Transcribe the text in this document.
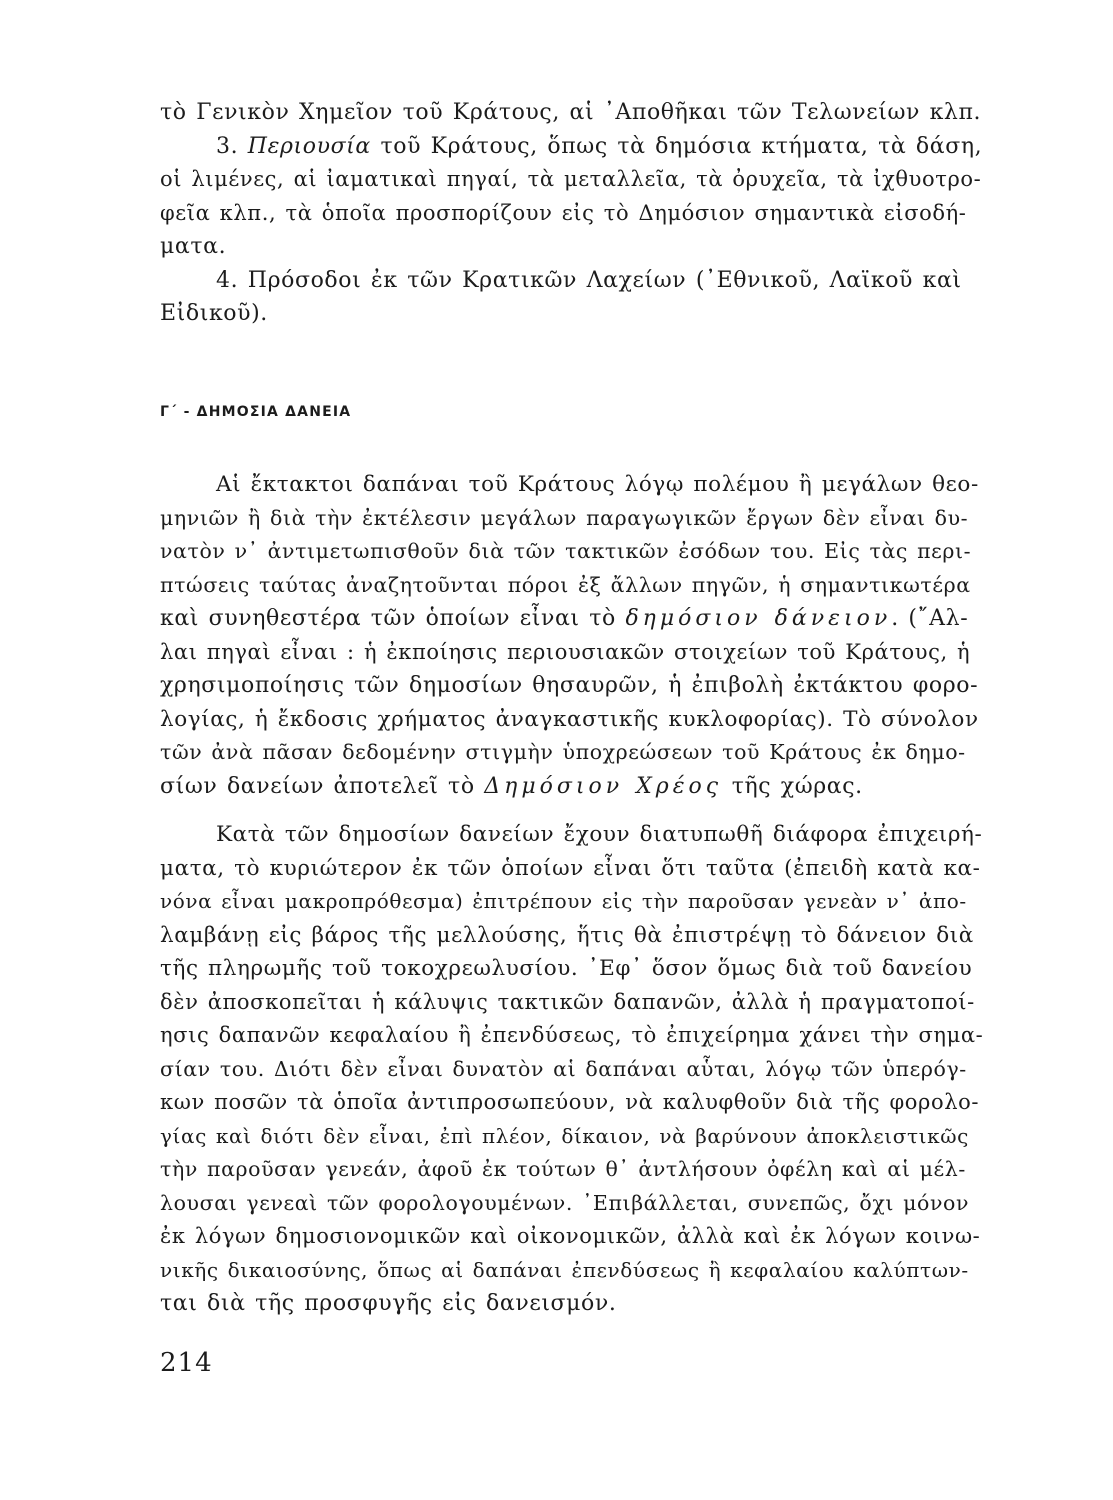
τὸ Γενικὸν Χημεῖον τοῦ Κράτους, αἱ ᾿Αποθῆκαι τῶν Τελωνείων κλπ.
3. Περιουσία τοῦ Κράτους, ὅπως τὰ δημόσια κτήματα, τὰ δάση,
οἱ λιμένες, αἱ ἰαματικαὶ πηγαί, τὰ μεταλλεῖα, τὰ ὀρυχεῖα, τὰ ἰχθυοτρο-
φεῖα κλπ., τὰ ὁποῖα προσπορίζουν εἰς τὸ Δημόσιον σημαντικὰ εἰσοδή-
ματα.
4. Πρόσοδοι ἐκ τῶν Κρατικῶν Λαχείων (᾿Εθνικοῦ, Λαϊκοῦ καὶ
Εἰδικοῦ).
Γ΄ - ΔΗΜΟΣΙΑ ΔΑΝΕΙΑ
Αἱ ἔκτακτοι δαπάναι τοῦ Κράτους λόγῳ πολέμου ἢ μεγάλων θεο-
μηνιῶν ἢ διὰ τὴν ἐκτέλεσιν μεγάλων παραγωγικῶν ἔργων δὲν εἶναι δυ-
νατὸν ν᾿ ἀντιμετωπισθοῦν διὰ τῶν τακτικῶν ἐσόδων του. Εἰς τὰς περι-
πτώσεις ταύτας ἀναζητοῦνται πόροι ἐξ ἄλλων πηγῶν, ἡ σημαντικωτέρα
καὶ συνηθεστέρα τῶν ὁποίων εἶναι τὸ δημόσιον δάνειον. (῎Αλ-
λαι πηγαὶ εἶναι : ἡ ἐκποίησις περιουσιακῶν στοιχείων τοῦ Κράτους, ἡ
χρησιμοποίησις τῶν δημοσίων θησαυρῶν, ἡ ἐπιβολὴ ἐκτάκτου φορο-
λογίας, ἡ ἔκδοσις χρήματος ἀναγκαστικῆς κυκλοφορίας). Τὸ σύνολον
τῶν ἀνὰ πᾶσαν δεδομένην στιγμὴν ὑποχρεώσεων τοῦ Κράτους ἐκ δημο-
σίων δανείων ἀποτελεῖ τὸ Δημόσιον Χρέος τῆς χώρας.
Κατὰ τῶν δημοσίων δανείων ἔχουν διατυπωθῆ διάφορα ἐπιχειρή-
ματα, τὸ κυριώτερον ἐκ τῶν ὁποίων εἶναι ὅτι ταῦτα (ἐπειδὴ κατὰ κα-
νόνα εἶναι μακροπρόθεσμα) ἐπιτρέπουν εἰς τὴν παροῦσαν γενεὰν ν᾿ ἀπο-
λαμβάνῃ εἰς βάρος τῆς μελλούσης, ἥτις θὰ ἐπιστρέψῃ τὸ δάνειον διὰ
τῆς πληρωμῆς τοῦ τοκοχρεωλυσίου. ᾿Εφ᾿ ὅσον ὅμως διὰ τοῦ δανείου
δὲν ἀποσκοπεῖται ἡ κάλυψις τακτικῶν δαπανῶν, ἀλλὰ ἡ πραγματοποί-
ησις δαπανῶν κεφαλαίου ἢ ἐπενδύσεως, τὸ ἐπιχείρημα χάνει τὴν σημα-
σίαν του. Διότι δὲν εἶναι δυνατὸν αἱ δαπάναι αὗται, λόγῳ τῶν ὑπερόγ-
κων ποσῶν τὰ ὁποῖα ἀντιπροσωπεύουν, νὰ καλυφθοῦν διὰ τῆς φορολο-
γίας καὶ διότι δὲν εἶναι, ἐπὶ πλέον, δίκαιον, νὰ βαρύνουν ἀποκλειστικῶς
τὴν παροῦσαν γενεάν, ἀφοῦ ἐκ τούτων θ᾿ ἀντλήσουν ὀφέλη καὶ αἱ μέλ-
λουσαι γενεαὶ τῶν φορολογουμένων. ᾿Επιβάλλεται, συνεπῶς, ὄχι μόνον
ἐκ λόγων δημοσιονομικῶν καὶ οἰκονομικῶν, ἀλλὰ καὶ ἐκ λόγων κοινω-
νικῆς δικαιοσύνης, ὅπως αἱ δαπάναι ἐπενδύσεως ἢ κεφαλαίου καλύπτων-
ται διὰ τῆς προσφυγῆς εἰς δανεισμόν.
214
